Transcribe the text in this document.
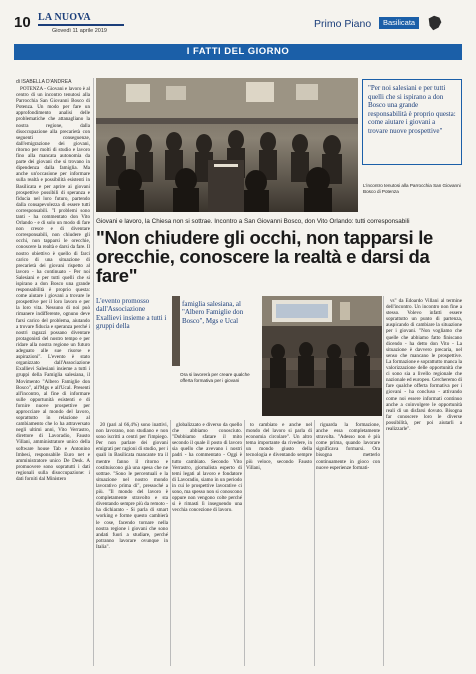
10 LA NUOVA
Giovedì 11 aprile 2019
Primo Piano	Basilicata
I FATTI DEL GIORNO
di ISABELLA D'ANDREA

POTENZA - Giovani e lavoro è al centro di un incontro tenutosi alla Parrocchia San Giovanni Bosco di Potenza. Un modo per fare un approfondimento analisi delle problematiche che attanagliano la nostra regione, dalla disoccupazione alla precarietà con seguenti conseguenze, dall'emigrazione dei giovani, ritorno per molti di studio e lavoro fino alla mancata autonomia da parte dei giovani che si trovano in dipendenza dalla famiglia. Ma anche un'occasione per informare sulla realtà e possibilità esistenti in Basilicata e per aprire ai giovani prospettive possibili di speranza e fiducia nel loro futuro, partendo dalla consapevolezza di essere tutti corresponsabili. "I problemi sono tanti - ha commentato don Vito Orlando - e di solo un modo di fare non cresce e di diventare corresponsabili, non chiudere gli occhi, non tapparsi le orecchie, conoscere la realtà e darsi da fare. Il nostro obiettivo è quello di farci carico di una situazione di precarietà dei giovani rispetto al lavoro - ha continuato - Per noi Salesiani e per tutti quelli che si ispirano a don Bosco una grande responsabilità è proprio questa: come aiutare i giovani a trovare le prospettive per il loro lavoro e per la loro vita. Nessuno di noi può rimanere indifferente, ognuno deve farsi carico del problema, aiutando a trovare fiducia e speranza perché i nostri ragazzi possano diventare protagonisti del nostro tempo e per ridare alla nostra regione un futuro adeguato alle sue risorse e aspirazioni". L'evento è stato organizzato dall'Associazione Exallievi Salesiani insieme a tutti i gruppi della Famiglia salesiana, il Movimento "Albero Famiglie don Bosco", all'Mgs e all'Ucal. Presenti all'incontro, al fine di informare sulle opportunità esistenti e di fornire nuove prospettive per approcciare al mondo del lavoro, soprattutto in relazione al cambiamento che lo ha attraversato negli ultimi anni, Vito Verrastro, direttore di Lavoradio, Fausto Villani, amministratore unico della software house Tab e Antonino Imbesi, responsabile Euro net e amministratore unico De Desk. A promuovere sono sopratutti i dati regionali sulla disoccupazione: i dati forniti dal Ministero

"Per noi salesiani e per tutti quelli che si ispirano a don Bosco una grande responsabilità è proprio questa: come aiutare i giovani a trovare nuove prospettive"
L'incontro tenutosi alla Parrocchia San Giovanni Bosco di Potenza
Giovani e lavoro, la Chiesa non si sottrae. Incontro a San Giovanni Bosco, don Vito Orlando: tutti corresponsabili
"Non chiudere gli occhi, non tapparsi le orecchie, conoscere la realtà e darsi da fare"
L'evento promosso dall'Associazione Exallievi insieme a tutti i gruppi della
famiglia salesiana, al "Albero Famiglie don Bosco", Mgs e Ucal
Ora si lavorerà per creare qualche offerta formativa per i giovani

vs" da Edoardo Villani al termine dell'incontro. Un incontro non fine a stesso. Volevo infatti essere soprattutto un punto di partenza, auspicando di cambiare la situazione per i giovani. "Non vogliamo che quelle che abbiamo fatto finiscano dicendo - ha detto don Vito - La situazione è davvero precaria, nel senso che mancano le prospettive. La formazione e soprattutto manca la valorizzazione delle opportunità che ci sono sia a livello regionale che nazionale ed europeo. Cercheremo di fare qualche offerta formativa per i giovani - ha concluso - attivando come noi essere informati continuo anche a coinvolgere le opportunità reali di un disfarsi dovuto. Bisogna far conoscere loro le diverse possibilità, per poi aiutarli a realizzarle".

20 (pari al 66,4%) sono inattivi, non lavorano, non studiano e non sono iscritti a centri per l'impiego. Per non parlare dei giovani emigrati per ragioni di studio, per i quali in Basilicata mancante tra il mentre fanno il ritorno e costituiscono già una spesa che ne sottrae. "Sono le percentuali e la situazione nel nostro mondo lavorativo prima di", pressoché a più. "Il mondo del lavoro è completamente stravolto e sta diventando sempre più da remoto - ha dichiarato - Si parla di smart working e forme questo cambierà le cose, facendo tornare nella nostra regione i giovani che sono andati fuori a studiare, perché potranno lavorare ovunque in Italia".

globalizzato e diverso da quello che abbiamo conosciuto. "Dobbiamo sfatare il mito secondo il quale il posto di lavoro sia quello che avevano i nostri padri - ha commentato - Oggi è tutto cambiato. Secondo Vito Verrastro, giornalista esperto di temi legati al lavoro e fondatore di Lavoradio, siamo in un periodo in cui le prospettive lavorative ci sono, ma spesso non si conoscono oppure non vengono colte perché si è rimasti lì inseguendo una vecchia concezione di lavoro.

to cambiato e anche nel mondo del lavoro si parla di economia circolare". Un altro tema importante da rivedere, in un mondo giusto della tecnologia e diventando sempre più veloce, secondo Fausto Villani,

riguarda la formazione, anche essa completamente stravolta. "Adesso non è più come prima, quando lavorare significava formarsi. Ora bisogna metterlo continuamente in gioco con nuove esperienze formati-
